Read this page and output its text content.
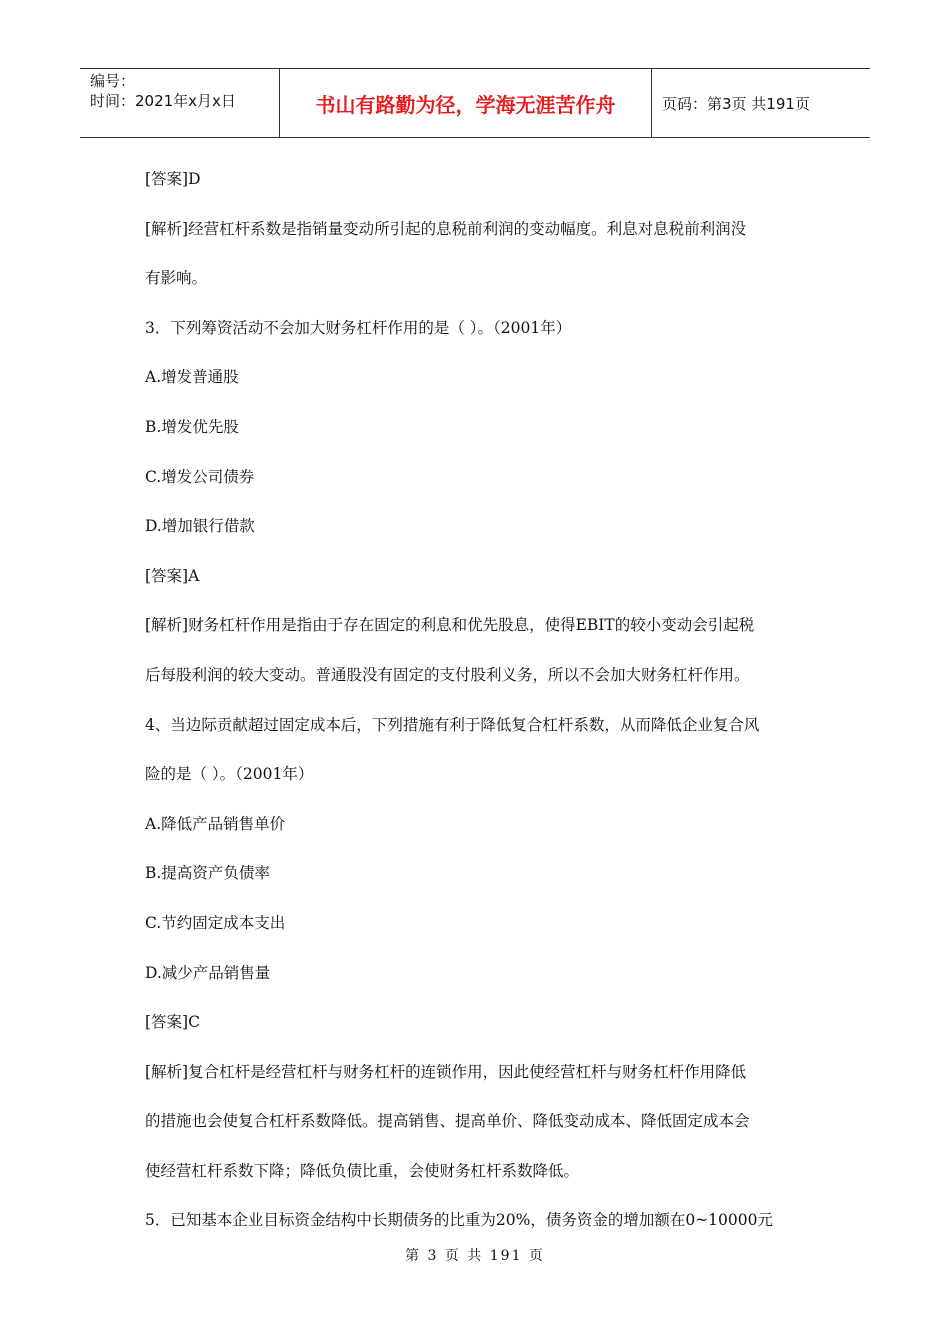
编号：
时间：2021年x月x日	书山有路勤为径，学海无涯苦作舟	页码：第3页 共191页
[答案]D
[解析]经营杠杆系数是指销量变动所引起的息税前利润的变动幅度。利息对息税前利润没
有影响。
3．下列筹资活动不会加大财务杠杆作用的是（ ）。（2001年）
A.增发普通股
B.增发优先股
C.增发公司债券
D.增加银行借款
[答案]A
[解析]财务杠杆作用是指由于存在固定的利息和优先股息，使得EBIT的较小变动会引起税
后每股利润的较大变动。普通股没有固定的支付股利义务，所以不会加大财务杠杆作用。
4、当边际贡献超过固定成本后，下列措施有利于降低复合杠杆系数，从而降低企业复合风
险的是（ ）。（2001年）
A.降低产品销售单价
B.提高资产负债率
C.节约固定成本支出
D.减少产品销售量
[答案]C
[解析]复合杠杆是经营杠杆与财务杠杆的连锁作用，因此使经营杠杆与财务杠杆作用降低
的措施也会使复合杠杆系数降低。提高销售、提高单价、降低变动成本、降低固定成本会
使经营杠杆系数下降；降低负债比重，会使财务杠杆系数降低。
5．已知基本企业目标资金结构中长期债务的比重为20%，债务资金的增加额在0~10000元
第 3 页 共 191 页
